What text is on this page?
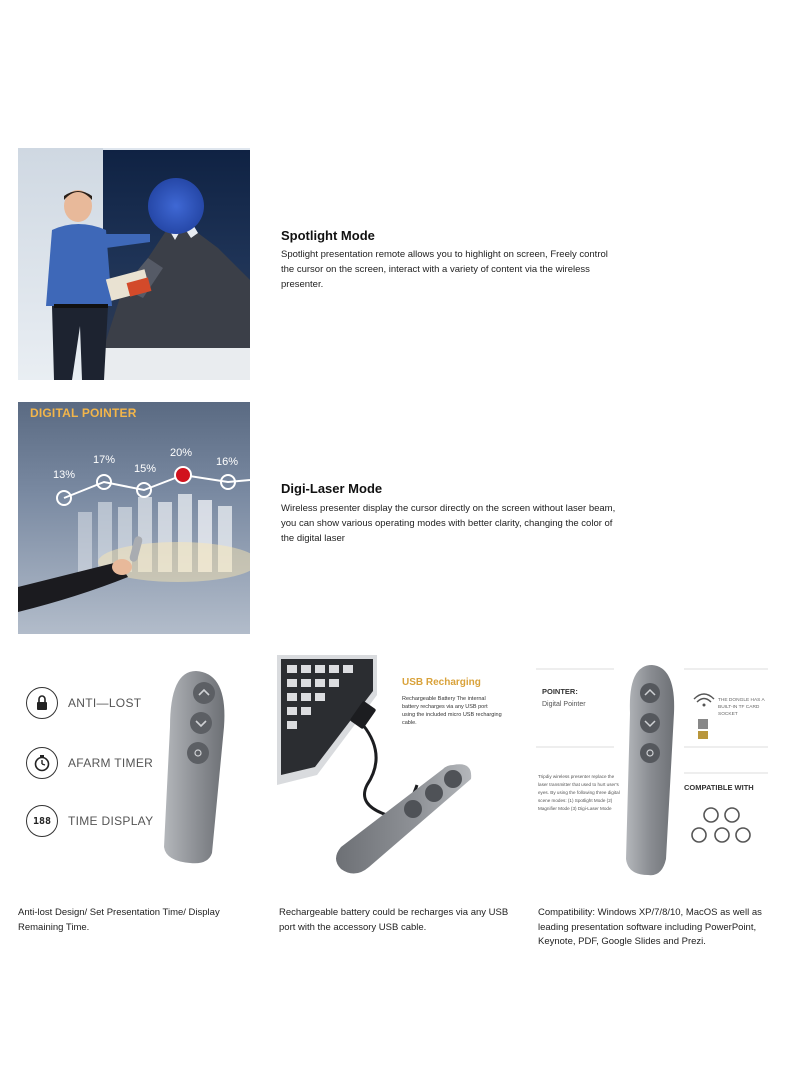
Spotlight Mode
Spotlight presentation remote allows you to highlight on screen, Freely control the cursor on the screen, interact with a variety of content via the wireless presenter.
DIGITAL POINTER
13%
17%
15%
20%
16%
Digi-Laser Mode
Wireless presenter display the cursor directly on the screen without laser beam, you can show various operating modes with better clarity, changing the color of the digital laser
ANTI—LOST
AFARM TIMER
188	TIME DISPLAY
Anti-lost Design/ Set Presentation Time/ Display Remaining Time.
USB Recharging
Rechargeable Battery The internal battery recharges via any USB port using the included micro USB recharging cable.
Rechargeable battery could be recharges via any USB port with the accessory USB cable.
POINTER:
Digital Pointer
THE DONGLE HAS A BUILT-IN TF CARD SOCKET
Tripdiy wireless presenter replace the laser transmitter that used to hurt user's eyes. By using the following three digital scene modes: (1) Spotlight Mode (2) Magnifier Mode (3) Digi-Laser Mode
COMPATIBLE WITH
Compatibility: Windows XP/7/8/10, MacOS as well as leading presentation software including PowerPoint, Keynote, PDF, Google Slides and Prezi.
